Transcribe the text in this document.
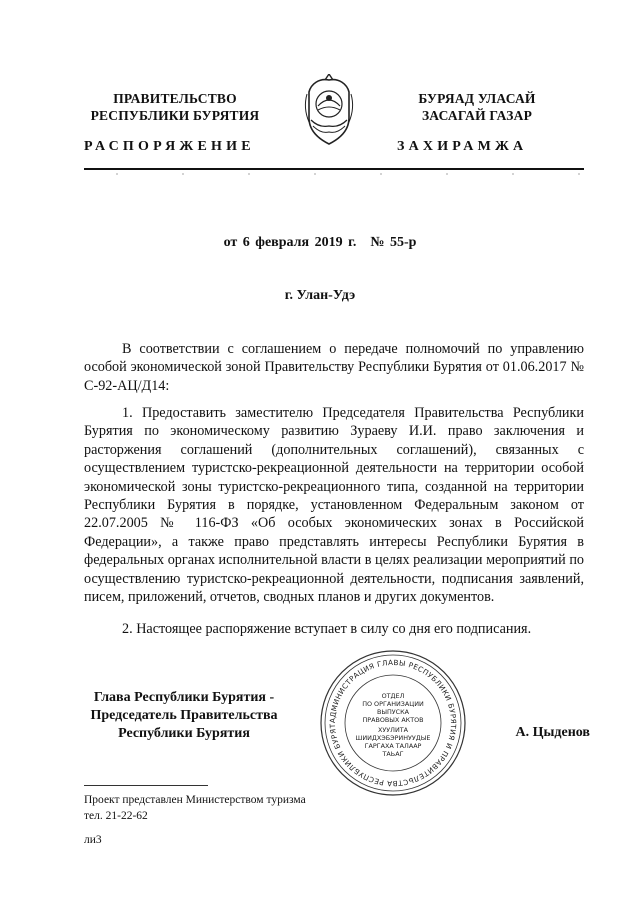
ПРАВИТЕЛЬСТВО
РЕСПУБЛИКИ БУРЯТИЯ
БУРЯАД УЛАСАЙ
ЗАСАГАЙ ГАЗАР
РАСПОРЯЖЕНИЕ	ЗАХИРАМЖА
от 6 февраля 2019 г. № 55-р
г. Улан-Удэ

В соответствии с соглашением о передаче полномочий по управлению особой экономической зоной Правительству Республики Бурятия от 01.06.2017 № С-92-АЦ/Д14:

1. Предоставить заместителю Председателя Правительства Республики Бурятия по экономическому развитию Зураеву И.И. право заключения и расторжения соглашений (дополнительных соглашений), связанных с осуществлением туристско-рекреационной деятельности на территории особой экономической зоны туристско-рекреационного типа, созданной на территории Республики Бурятия в порядке, установленном Федеральным законом от 22.07.2005 № 116-ФЗ «Об особых экономических зонах в Российской Федерации», а также право представлять интересы Республики Бурятия в федеральных органах исполнительной власти в целях реализации мероприятий по осуществлению туристско-рекреационной деятельности, подписания заявлений, писем, приложений, отчетов, сводных планов и других документов.

2. Настоящее распоряжение вступает в силу со дня его подписания.

Глава Республики Бурятия -
Председатель Правительства
Республики Бурятия
АДМИНИСТРАЦИЯ ГЛАВЫ РЕСПУБЛИКИ БУРЯТИЯ И ПРАВИТЕЛЬСТВА РЕСПУБЛИКИ БУРЯТ
ОТДЕЛ
ПО ОРГАНИЗАЦИИ
ВЫПУСКА
ПРАВОВЫХ АКТОВ
ХУУЛИТА
ШИИДХЭБЭРИНУУДЫЕ
ГАРГАХА ТАЛААР
ТАЬАГ
А. Цыденов
Проект представлен Министерством туризма
тел. 21-22-62
ли3
